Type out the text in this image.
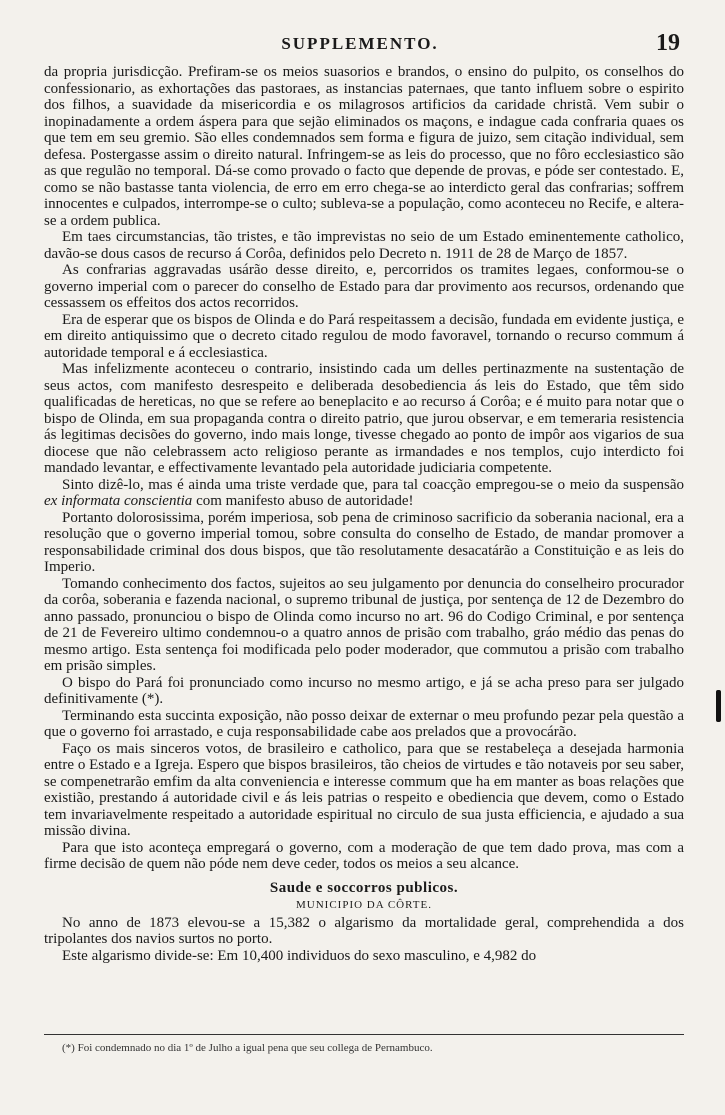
SUPPLEMENTO.	19

da propria jurisdicção. Prefiram-se os meios suasorios e brandos, o ensino do pulpito, os conselhos do confessionario, as exhortações das pastoraes, as instancias paternaes, que tanto influem sobre o espirito dos filhos, a suavidade da misericordia e os milagrosos artificios da caridade christã. Vem subir o inopinadamente a ordem áspera para que sejão eliminados os maçons, e indague cada confraria quaes os que tem em seu gremio. São elles condemnados sem forma e figura de juizo, sem citação individual, sem defesa. Postergasse assim o direito natural. Infringem-se as leis do processo, que no fôro ecclesiastico são as que regulão no temporal. Dá-se como provado o facto que depende de provas, e póde ser contestado. E, como se não bastasse tanta violencia, de erro em erro chega-se ao interdicto geral das confrarias; soffrem innocentes e culpados, interrompe-se o culto; subleva-se a população, como aconteceu no Recife, e altera-se a ordem publica.

Em taes circumstancias, tão tristes, e tão imprevistas no seio de um Estado eminentemente catholico, davão-se dous casos de recurso á Corôa, definidos pelo Decreto n. 1911 de 28 de Março de 1857.

As confrarias aggravadas usárão desse direito, e, percorridos os tramites legaes, conformou-se o governo imperial com o parecer do conselho de Estado para dar provimento aos recursos, ordenando que cessassem os effeitos dos actos recorridos.

Era de esperar que os bispos de Olinda e do Pará respeitassem a decisão, fundada em evidente justiça, e em direito antiquissimo que o decreto citado regulou de modo favoravel, tornando o recurso commum á autoridade temporal e á ecclesiastica.

Mas infelizmente aconteceu o contrario, insistindo cada um delles pertinazmente na sustentação de seus actos, com manifesto desrespeito e deliberada desobediencia ás leis do Estado, que têm sido qualificadas de hereticas, no que se refere ao beneplacito e ao recurso á Corôa; e é muito para notar que o bispo de Olinda, em sua propaganda contra o direito patrio, que jurou observar, e em temeraria resistencia ás legitimas decisões do governo, indo mais longe, tivesse chegado ao ponto de impôr aos vigarios de sua diocese que não celebrassem acto religioso perante as irmandades e nos templos, cujo interdicto foi mandado levantar, e effectivamente levantado pela autoridade judiciaria competente.

Sinto dizê-lo, mas é ainda uma triste verdade que, para tal coacção empregou-se o meio da suspensão ex informata conscientia com manifesto abuso de autoridade!

Portanto dolorosissima, porém imperiosa, sob pena de criminoso sacrificio da soberania nacional, era a resolução que o governo imperial tomou, sobre consulta do conselho de Estado, de mandar promover a responsabilidade criminal dos dous bispos, que tão resolutamente desacatárão a Constituição e as leis do Imperio.

Tomando conhecimento dos factos, sujeitos ao seu julgamento por denuncia do conselheiro procurador da corôa, soberania e fazenda nacional, o supremo tribunal de justiça, por sentença de 12 de Dezembro do anno passado, pronunciou o bispo de Olinda como incurso no art. 96 do Codigo Criminal, e por sentença de 21 de Fevereiro ultimo condemnou-o a quatro annos de prisão com trabalho, gráo médio das penas do mesmo artigo. Esta sentença foi modificada pelo poder moderador, que commutou a prisão com trabalho em prisão simples.

O bispo do Pará foi pronunciado como incurso no mesmo artigo, e já se acha preso para ser julgado definitivamente (*).

Terminando esta succinta exposição, não posso deixar de externar o meu profundo pezar pela questão a que o governo foi arrastado, e cuja responsabilidade cabe aos prelados que a provocárão.

Faço os mais sinceros votos, de brasileiro e catholico, para que se restabeleça a desejada harmonia entre o Estado e a Igreja. Espero que bispos brasileiros, tão cheios de virtudes e tão notaveis por seu saber, se compenetrarão emfim da alta conveniencia e interesse commum que ha em manter as boas relações que existião, prestando á autoridade civil e ás leis patrias o respeito e obediencia que devem, como o Estado tem invariavelmente respeitado a autoridade espiritual no circulo de sua justa efficiencia, e ajudado a sua missão divina.

Para que isto aconteça empregará o governo, com a moderação de que tem dado prova, mas com a firme decisão de quem não póde nem deve ceder, todos os meios a seu alcance.

Saude e soccorros publicos.
MUNICIPIO DA CÔRTE.

No anno de 1873 elevou-se a 15,382 o algarismo da mortalidade geral, comprehendida a dos tripolantes dos navios surtos no porto.

Este algarismo divide-se: Em 10,400 individuos do sexo masculino, e 4,982 do

(*) Foi condemnado no dia 1º de Julho a igual pena que seu collega de Pernambuco.
